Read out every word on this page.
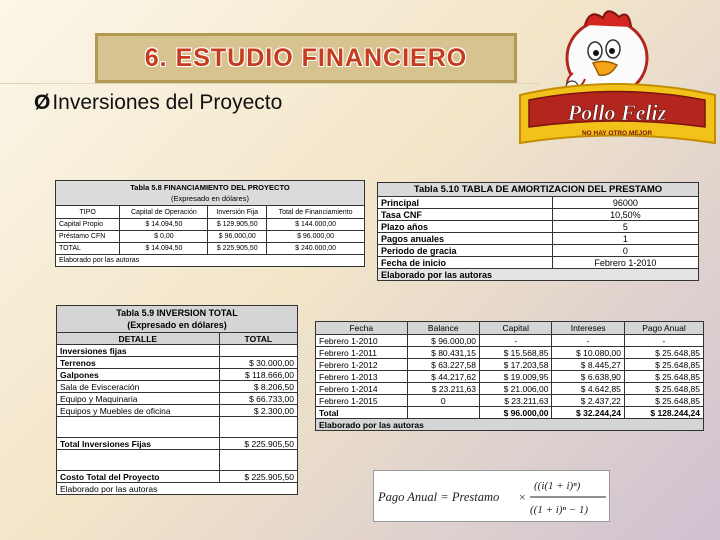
6. ESTUDIO FINANCIERO
ØInversiones del Proyecto	Pollo Feliz
NO HAY OTRO MEJOR
Tabla 5.8 FINANCIAMIENTO DEL PROYECTO
(Expresado en dólares)			
TIPO	Capital de Operación	Inversión Fija	Total de Financiamiento
Capital Propio	$ 14.094,50	$ 129.905,50	$ 144.000,00
Préstamo CFN	$ 0,00	$ 96.000,00	$ 96.000,00
TOTAL	$ 14.094,50	$ 225.905,50	$ 240.000,00
Elaborado por las autoras			
Tabla 5.10 TABLA DE AMORTIZACION DEL PRESTAMO	
Principal	96000
Tasa CNF	10,50%
Plazo años	5
Pagos anuales	1
Periodo de gracia	0
Fecha de inicio	Febrero 1-2010
Elaborado por las autoras	
Tabla 5.9 INVERSION TOTAL
(Expresado en dólares)	
DETALLE	TOTAL
Inversiones fijas	
Terrenos	$ 30.000,00
Galpones	$ 118.666,00
Sala de Evisceración	$ 8.206,50
Equipo y Maquinaria	$ 66.733,00
Equipos y Muebles de oficina	$ 2.300,00

Total Inversiones Fijas	$ 225.905,50

Costo Total del Proyecto	$ 225.905,50
Elaborado por las autoras	
Fecha	Balance	Capital	Intereses	Pago Anual
Febrero 1-2010	$ 96.000,00	-	-	-
Febrero 1-2011	$ 80.431,15	$ 15.568,85	$ 10.080,00	$ 25.648,85
Febrero 1-2012	$ 63.227,58	$ 17.203,58	$ 8.445,27	$ 25.648,85
Febrero 1-2013	$ 44.217,62	$ 19.009,95	$ 6.638,90	$ 25.648,85
Febrero 1-2014	$ 23.211,63	$ 21.006,00	$ 4.642,85	$ 25.648,85
Febrero 1-2015	0	$ 23.211,63	$ 2.437,22	$ 25.648,85
Total		$ 96.000,00	$ 32.244,24	$ 128.244,24
Elaborado por las autoras				
Pago Anual = Prestamo ×
((i(1 + i)ⁿ)
((1 + i)ⁿ − 1)
